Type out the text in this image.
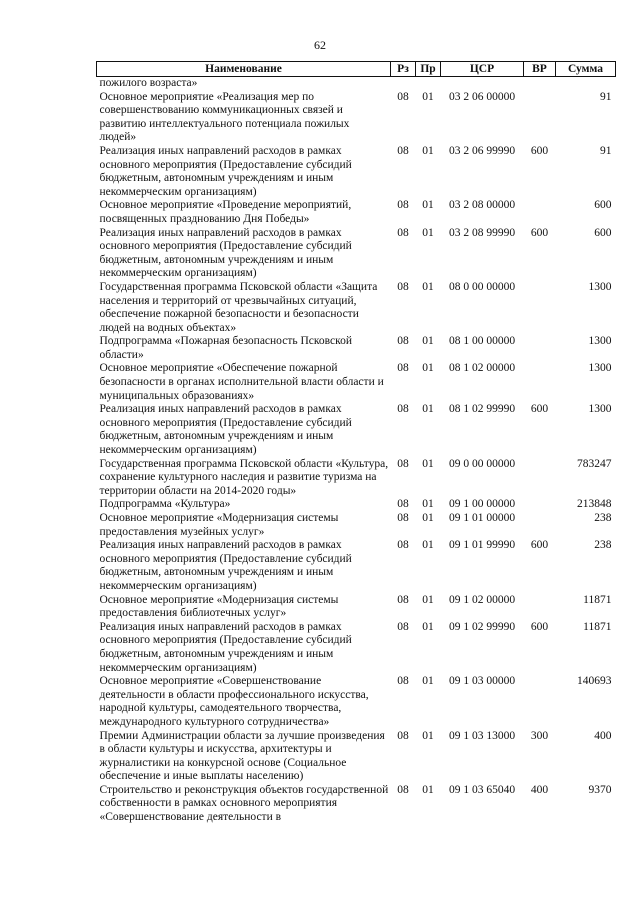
62
Наименование	Рз	Пр	ЦСР	ВР	Сумма
пожилого возраста»					
Основное мероприятие «Реализация мер по совершенствованию коммуникационных связей и развитию интеллектуального потенциала пожилых людей»	08	01	03 2 06 00000		91
Реализация иных направлений расходов в рамках основного мероприятия (Предоставление субсидий бюджетным, автономным учреждениям и иным некоммерческим организациям)	08	01	03 2 06 99990	600	91
Основное мероприятие «Проведение мероприятий, посвященных празднованию Дня Победы»	08	01	03 2 08 00000		600
Реализация иных направлений расходов в рамках основного мероприятия (Предоставление субсидий бюджетным, автономным учреждениям и иным некоммерческим организациям)	08	01	03 2 08 99990	600	600
Государственная программа Псковской области «Защита населения и территорий от чрезвычайных ситуаций, обеспечение пожарной безопасности и безопасности людей на водных объектах»	08	01	08 0 00 00000		1300
Подпрограмма «Пожарная безопасность Псковской области»	08	01	08 1 00 00000		1300
Основное мероприятие «Обеспечение пожарной безопасности в органах исполнительной власти области и муниципальных образованиях»	08	01	08 1 02 00000		1300
Реализация иных направлений расходов в рамках основного мероприятия (Предоставление субсидий бюджетным, автономным учреждениям и иным некоммерческим организациям)	08	01	08 1 02 99990	600	1300
Государственная программа Псковской области «Культура, сохранение культурного наследия и развитие туризма на территории области на 2014-2020 годы»	08	01	09 0 00 00000		783247
Подпрограмма «Культура»	08	01	09 1 00 00000		213848
Основное мероприятие «Модернизация системы предоставления музейных услуг»	08	01	09 1 01 00000		238
Реализация иных направлений расходов в рамках основного мероприятия (Предоставление субсидий бюджетным, автономным учреждениям и иным некоммерческим организациям)	08	01	09 1 01 99990	600	238
Основное мероприятие «Модернизация системы предоставления библиотечных услуг»	08	01	09 1 02 00000		11871
Реализация иных направлений расходов в рамках основного мероприятия (Предоставление субсидий бюджетным, автономным учреждениям и иным некоммерческим организациям)	08	01	09 1 02 99990	600	11871
Основное мероприятие «Совершенствование деятельности в области профессионального искусства, народной культуры, самодеятельного творчества, международного культурного сотрудничества»	08	01	09 1 03 00000		140693
Премии Администрации области за лучшие произведения в области культуры и искусства, архитектуры и журналистики на конкурсной основе (Социальное обеспечение и иные выплаты населению)	08	01	09 1 03 13000	300	400
Строительство и реконструкция объектов государственной собственности в рамках основного мероприятия «Совершенствование деятельности в	08	01	09 1 03 65040	400	9370
